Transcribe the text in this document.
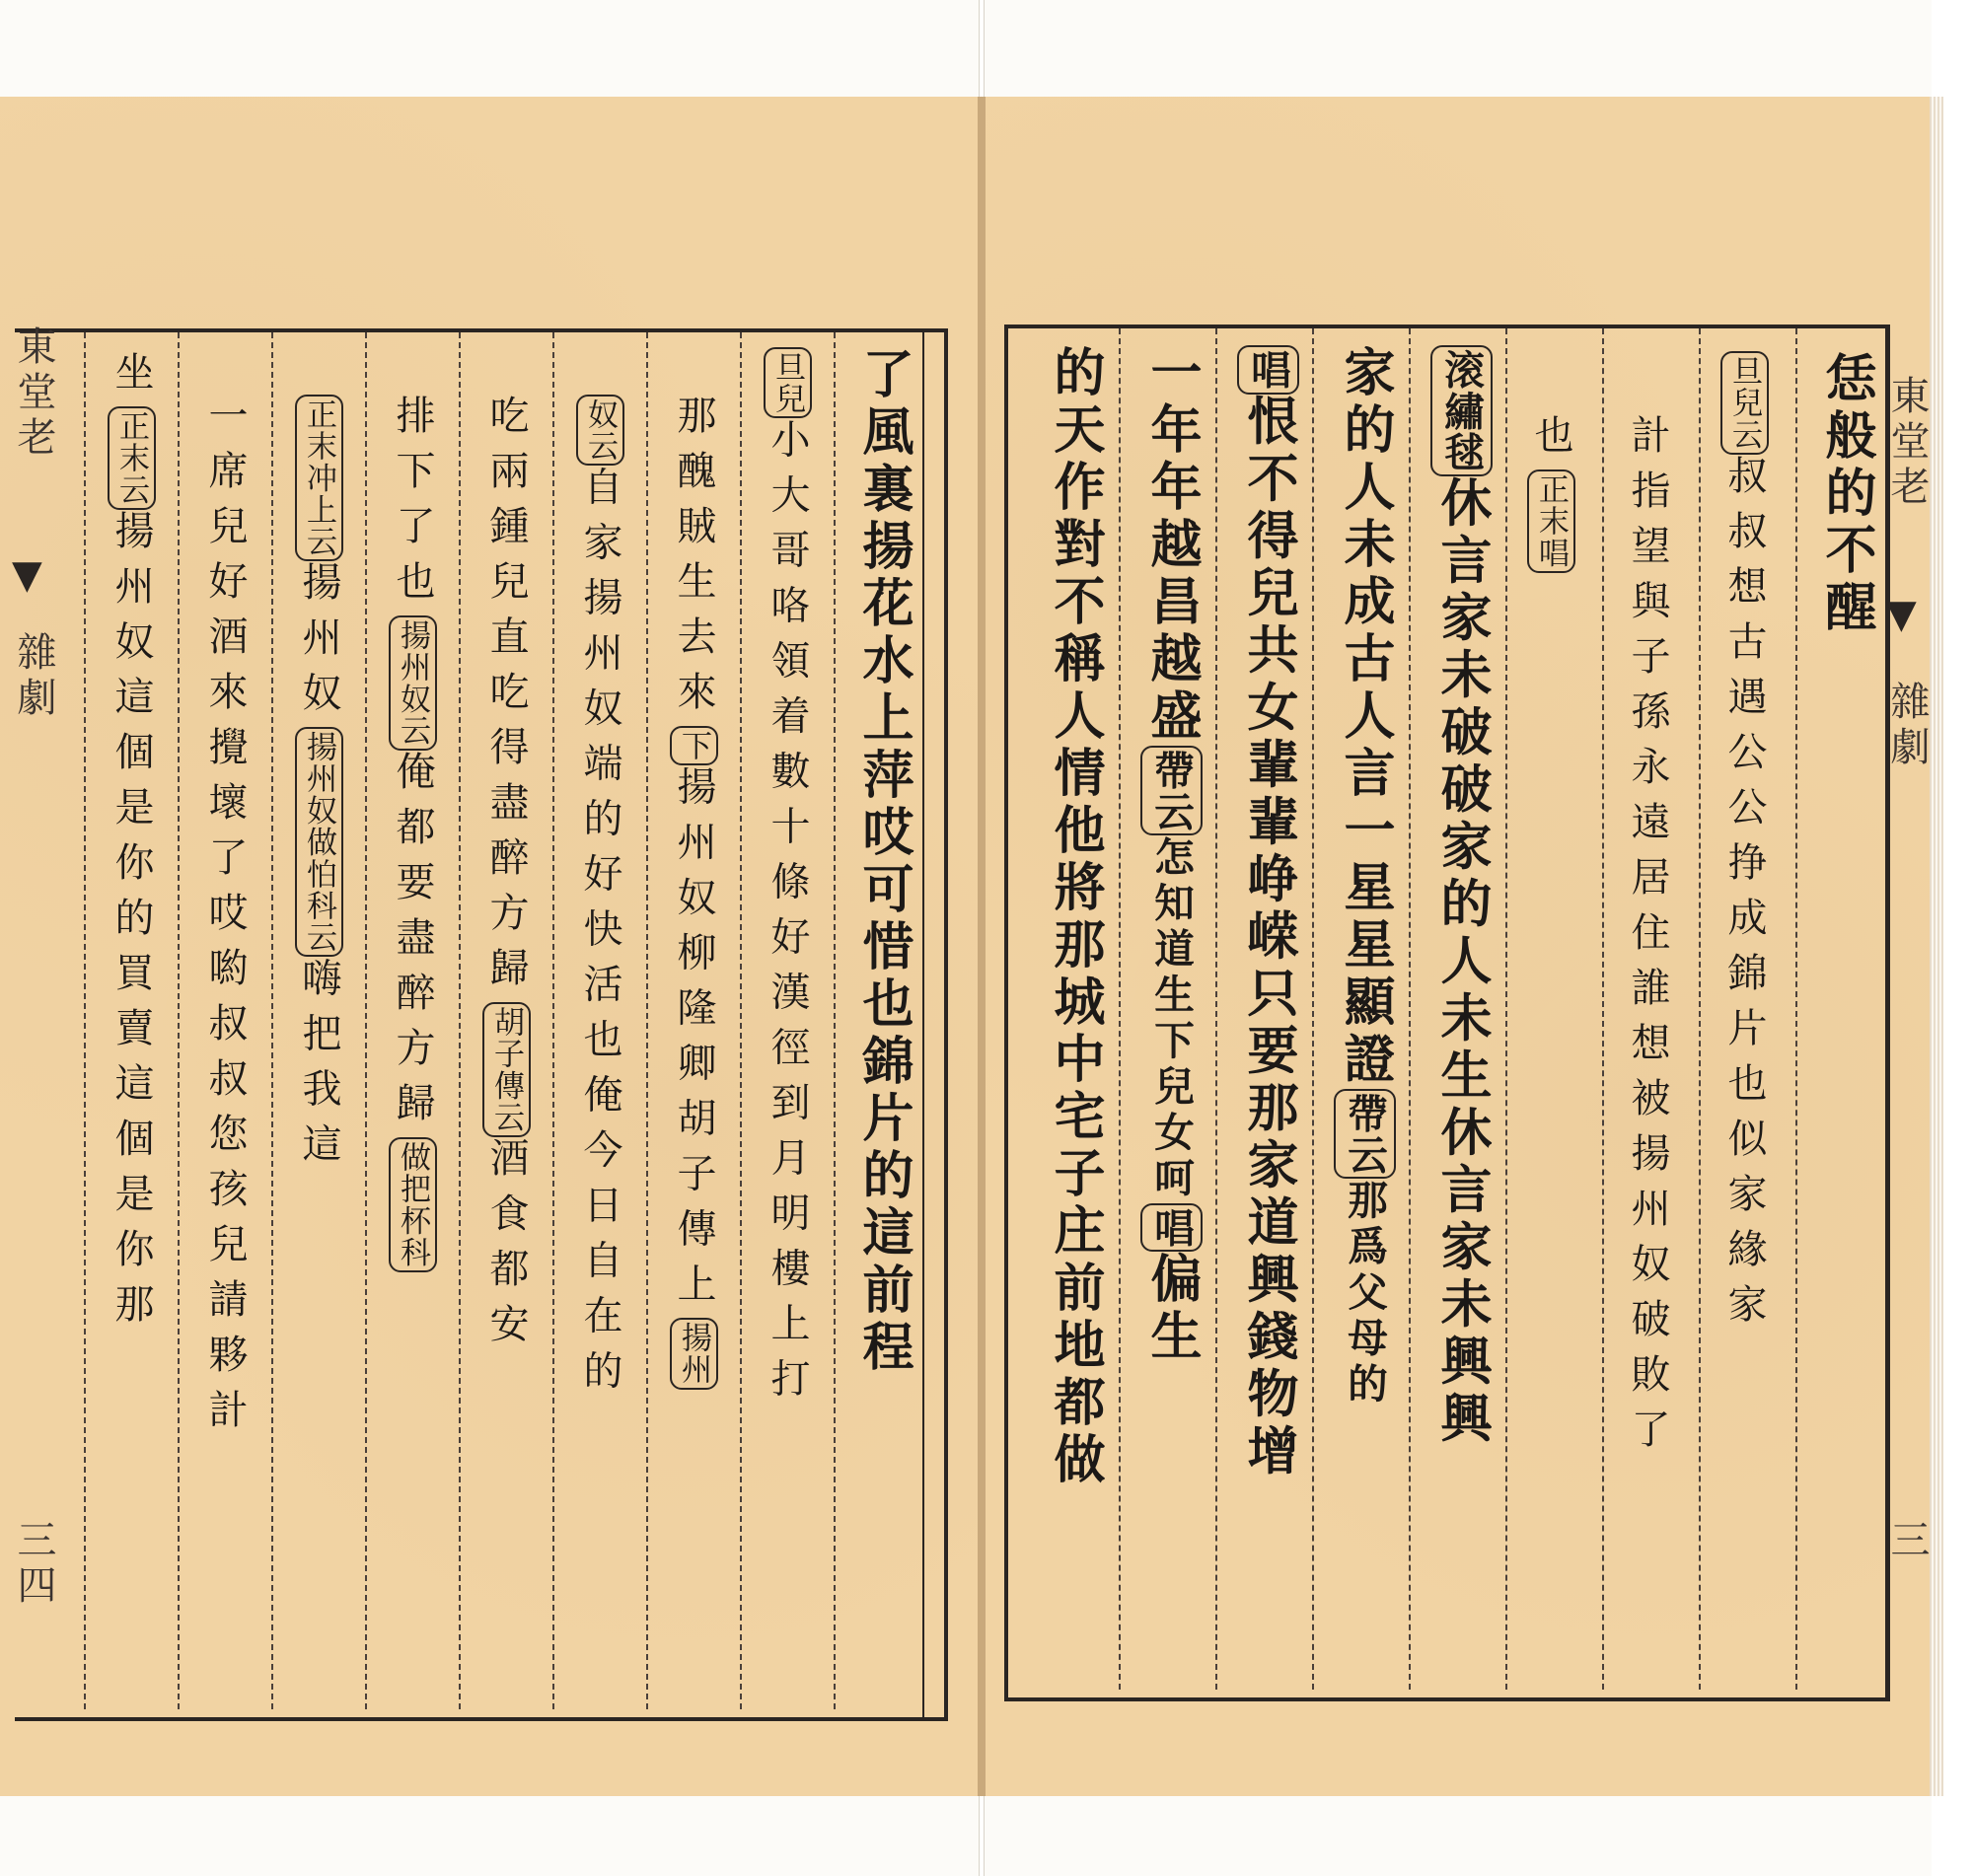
東堂老
▼
雜劇
三
恁般的不醒
旦兒云叔叔想古遇公公挣成錦片也似家緣家
計指望與子孫永遠居住誰想被揚州奴破敗了
也正末唱
滚繡毬休言家未破破家的人未生休言家未興興
家的人未成古人言一星星顯證帶云那爲父母的
唱恨不得兒共女輩輩峥嵘只要那家道興錢物增
一年年越昌越盛帶云怎知道生下兒女呵唱偏生
的天作對不稱人情他將那城中宅子庄前地都做
東堂老
▼
雜劇
三四
了風裏揚花水上萍哎可惜也錦片的這前程
旦兒小大哥咯領着數十條好漢徑到月明樓上打
那醜賊生去來下揚州奴柳隆卿胡子傳上揚州
奴云自家揚州奴端的好快活也俺今日自在的
吃兩鍾兒直吃得盡醉方歸胡子傳云酒食都安
排下了也揚州奴云俺都要盡醉方歸做把杯科
正末冲上云揚州奴揚州奴做怕科云嗨把我這
一席兒好酒來攪壞了哎喲叔叔您孩兒請夥計
坐正末云揚州奴這個是你的買賣這個是你那
